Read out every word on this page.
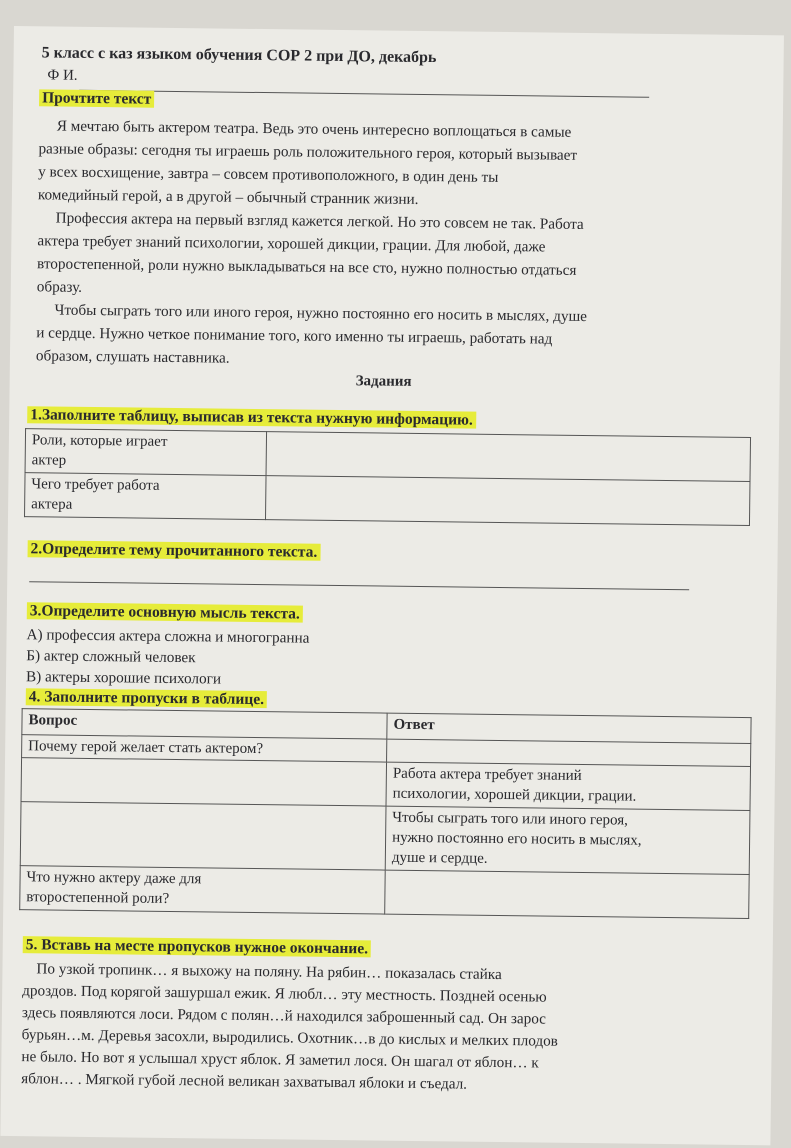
5 класс с каз языком обучения СОР 2 при ДО, декабрь
Ф И.
Прочтите текст
Я мечтаю быть актером театра. Ведь это очень интересно воплощаться в самые
разные образы: сегодня ты играешь роль положительного героя, который вызывает
у всех восхищение, завтра – совсем противоположного, в один день ты
комедийный герой, а в другой – обычный странник жизни.
Профессия актера на первый взгляд кажется легкой. Но это совсем не так. Работа
актера требует знаний психологии, хорошей дикции, грации. Для любой, даже
второстепенной, роли нужно выкладываться на все сто, нужно полностью отдаться
образу.
Чтобы сыграть того или иного героя, нужно постоянно его носить в мыслях, душе
и сердце. Нужно четкое понимание того, кого именно ты играешь, работать над
образом, слушать наставника.
Задания
1.Заполните таблицу, выписав из текста нужную информацию.
Роли, которые играет
актер	
Чего требует работа
актера	
2.Определите тему прочитанного текста.
3.Определите основную мысль текста.
А) профессия актера сложна и многогранна
Б) актер сложный человек
В) актеры хорошие психологи
4. Заполните пропуски в таблице.
Вопрос	Ответ
Почему герой желает стать актером?	
	Работа актера требует знаний
психологии, хорошей дикции, грации.
	Чтобы сыграть того или иного героя,
нужно постоянно его носить в мыслях,
душе и сердце.
Что нужно актеру даже для
второстепенной роли?	
5. Вставь на месте пропусков нужное окончание.
По узкой тропинк… я выхожу на поляну. На рябин… показалась стайка
дроздов. Под корягой зашуршал ежик. Я любл… эту местность. Поздней осенью
здесь появляются лоси. Рядом с полян…й находился заброшенный сад. Он зарос
бурьян…м. Деревья засохли, выродились. Охотник…в до кислых и мелких плодов
не было. Но вот я услышал хруст яблок. Я заметил лося. Он шагал от яблон… к
яблон… . Мягкой губой лесной великан захватывал яблоки и съедал.
